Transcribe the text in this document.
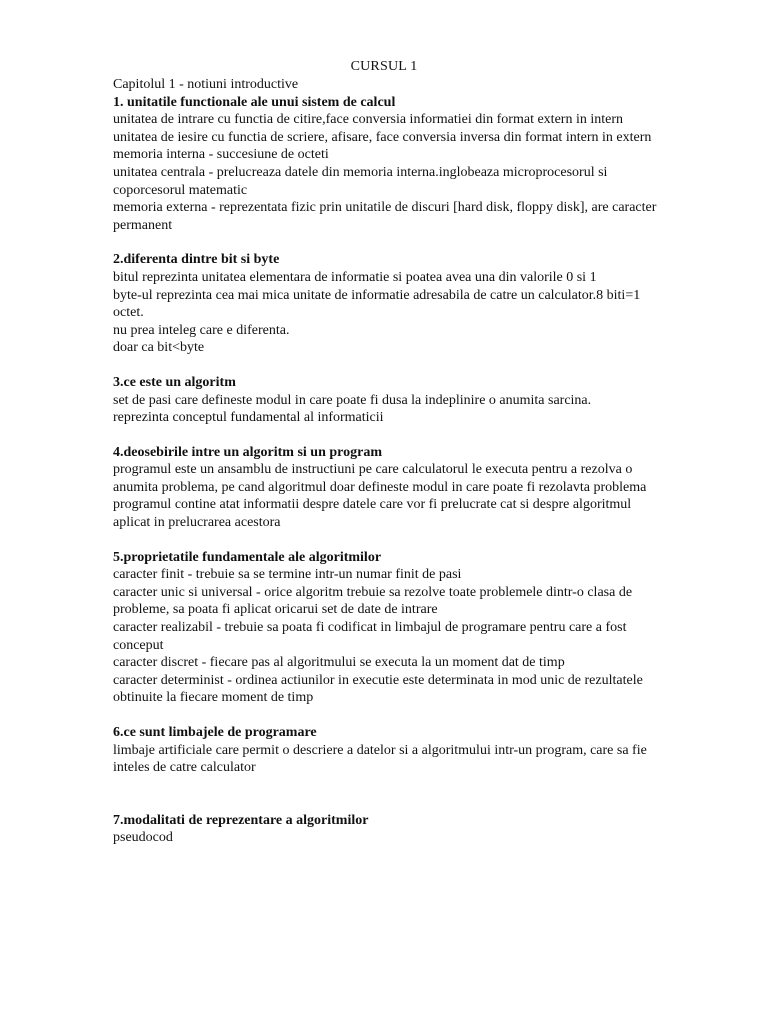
CURSUL 1

Capitolul 1 - notiuni introductive

1. unitatile functionale ale unui sistem de calcul

unitatea de intrare cu functia de citire,face conversia informatiei din format extern in intern

unitatea de iesire cu functia de scriere, afisare, face conversia inversa din format intern in extern

memoria interna - succesiune de octeti

unitatea centrala - prelucreaza datele din memoria interna.inglobeaza microprocesorul si coporcesorul matematic

memoria externa - reprezentata fizic prin unitatile de discuri [hard disk, floppy disk], are caracter permanent

2.diferenta dintre bit si byte

bitul reprezinta unitatea elementara de informatie si poatea avea una din valorile 0 si 1

byte-ul reprezinta cea mai mica unitate de informatie adresabila de catre un calculator.8 biti=1 octet.

nu prea inteleg care e diferenta.

doar ca bit<byte

3.ce este un algoritm

set de pasi care defineste modul in care poate fi dusa la indeplinire o anumita sarcina.

reprezinta conceptul fundamental al informaticii

4.deosebirile intre un algoritm si un program

programul este un ansamblu de instructiuni pe care calculatorul le executa pentru a rezolva o anumita problema, pe cand algoritmul doar defineste modul in care poate fi rezolavta problema

programul contine atat informatii despre datele care vor fi prelucrate cat si despre algoritmul aplicat in prelucrarea acestora

5.proprietatile fundamentale ale algoritmilor

caracter finit - trebuie sa se termine intr-un numar finit de pasi

caracter unic si universal - orice algoritm trebuie sa rezolve toate problemele dintr-o clasa de probleme, sa poata fi aplicat oricarui set de date de intrare

caracter realizabil - trebuie sa poata fi codificat in limbajul de programare pentru care a fost conceput

caracter discret - fiecare pas al algoritmului se executa la un moment dat de timp

caracter determinist - ordinea actiunilor in executie este determinata in mod unic de rezultatele obtinuite la fiecare moment de timp

6.ce sunt limbajele de programare

limbaje artificiale care permit o descriere a datelor si a algoritmului intr-un program, care sa fie inteles de catre calculator

7.modalitati de reprezentare a algoritmilor

pseudocod
